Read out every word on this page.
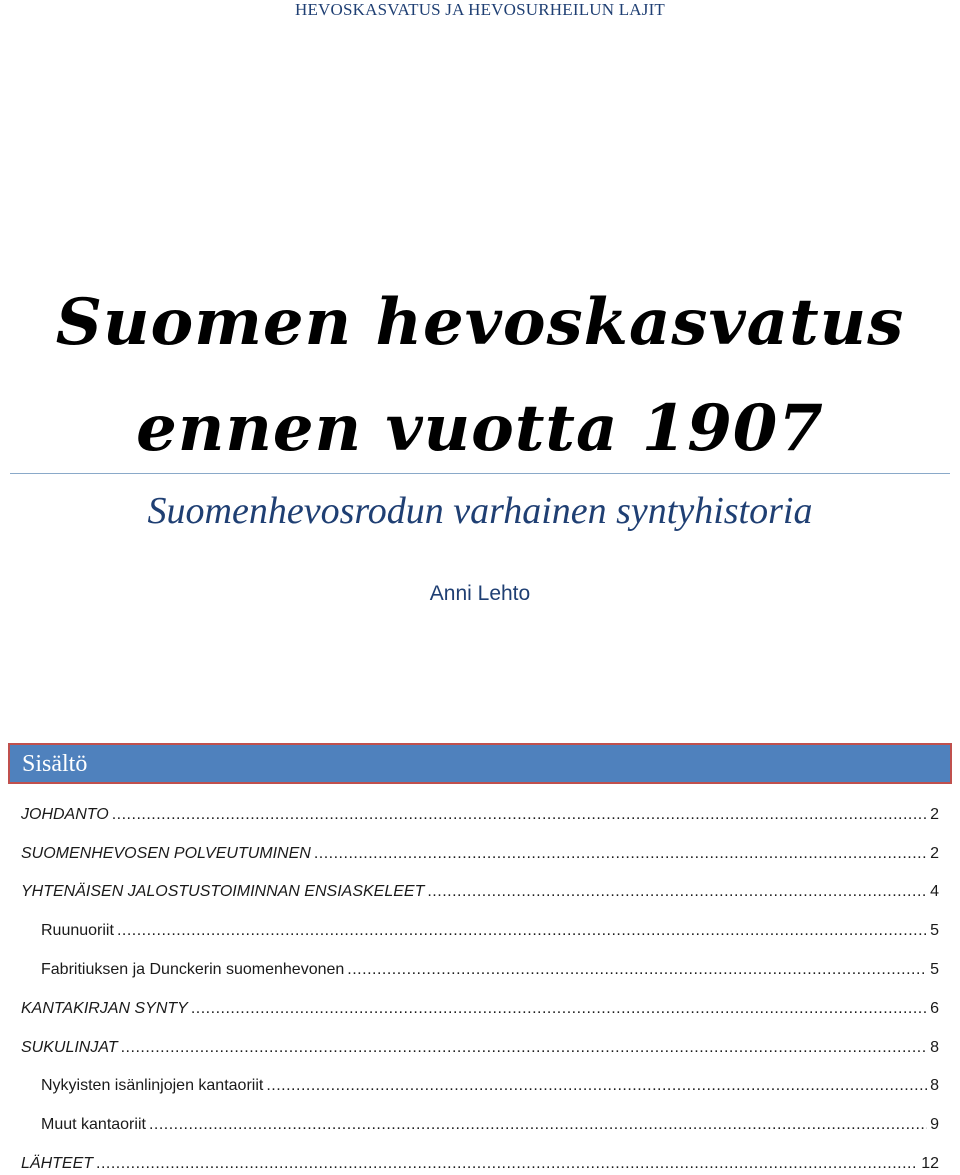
HEVOSKASVATUS JA HEVOSURHEILUN LAJIT
Suomen hevoskasvatus
ennen vuotta 1907
Suomenhevosrodun varhainen syntyhistoria
Anni Lehto
Sisältö
JOHDANTO .....	2
SUOMENHEVOSEN POLVEUTUMINEN .....	2
YHTENÄISEN JALOSTUSTOIMINNAN ENSIASKELEET .....	4
Ruunuoriit .....	5
Fabritiuksen ja Dunckerin suomenhevonen .....	5
KANTAKIRJAN SYNTY .....	6
SUKULINJAT .....	8
Nykyisten isänlinjojen kantaoriit .....	8
Muut kantaoriit .....	9
LÄHTEET .....	12
